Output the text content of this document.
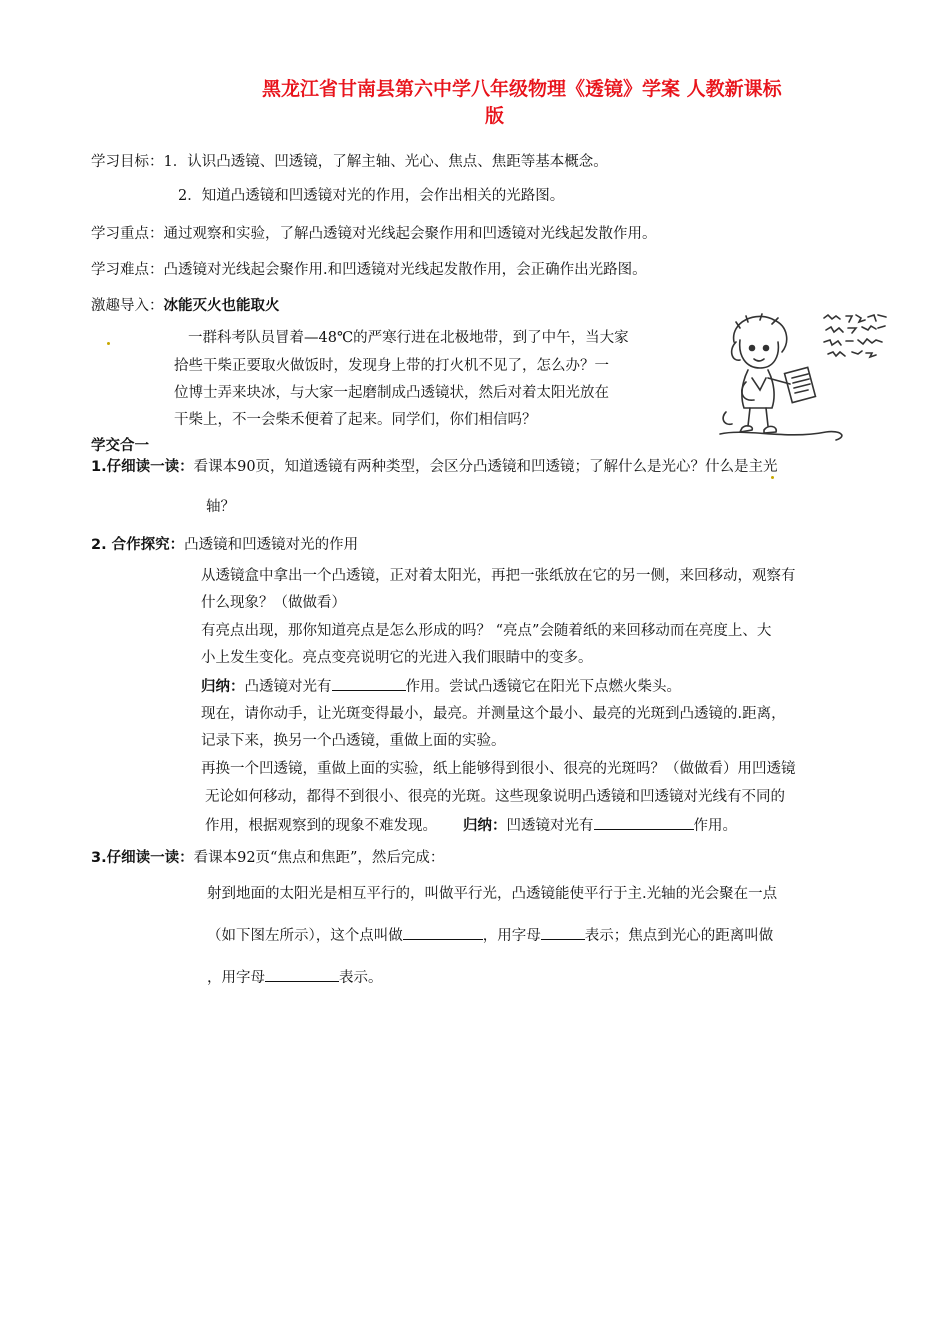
黑龙江省甘南县第六中学八年级物理《透镜》学案 人教新课标
版
学习目标：1．认识凸透镜、凹透镜，了解主轴、光心、焦点、焦距等基本概念。
2．知道凸透镜和凹透镜对光的作用，会作出相关的光路图。
学习重点：通过观察和实验，了解凸透镜对光线起会聚作用和凹透镜对光线起发散作用。
学习难点：凸透镜对光线起会聚作用.和凹透镜对光线起发散作用，会正确作出光路图。
激趣导入：冰能灭火也能取火
一群科考队员冒着—48℃的严寒行进在北极地带，到了中午，当大家
拾些干柴正要取火做饭时，发现身上带的打火机不见了，怎么办？一
位博士弄来块冰，与大家一起磨制成凸透镜状，然后对着太阳光放在
干柴上，不一会柴禾便着了起来。同学们，你们相信吗？
学交合一
1.仔细读一读：看课本90页，知道透镜有两种类型，会区分凸透镜和凹透镜；了解什么是光心？什么是主光
轴？
2. 合作探究：凸透镜和凹透镜对光的作用
从透镜盒中拿出一个凸透镜，正对着太阳光，再把一张纸放在它的另一侧，来回移动，观察有
什么现象？（做做看）
有亮点出现，那你知道亮点是怎么形成的吗？ “亮点”会随着纸的来回移动而在亮度上、大
小上发生变化。亮点变亮说明它的光进入我们眼睛中的变多。
归纳：凸透镜对光有	作用。尝试凸透镜它在阳光下点燃火柴头。
现在，请你动手，让光斑变得最小，最亮。并测量这个最小、最亮的光斑到凸透镜的.距离，
记录下来，换另一个凸透镜，重做上面的实验。
再换一个凹透镜，重做上面的实验，纸上能够得到很小、很亮的光斑吗？（做做看）用凹透镜
无论如何移动，都得不到很小、很亮的光斑。这些现象说明凸透镜和凹透镜对光线有不同的
作用，根据观察到的现象不难发现。 归纳：凹透镜对光有	作用。
3.仔细读一读：看课本92页“焦点和焦距”，然后完成：
射到地面的太阳光是相互平行的，叫做平行光，凸透镜能使平行于主.光轴的光会聚在一点
（如下图左所示），这个点叫做	，用字母	表示；焦点到光心的距离叫做
，用字母	表示。
